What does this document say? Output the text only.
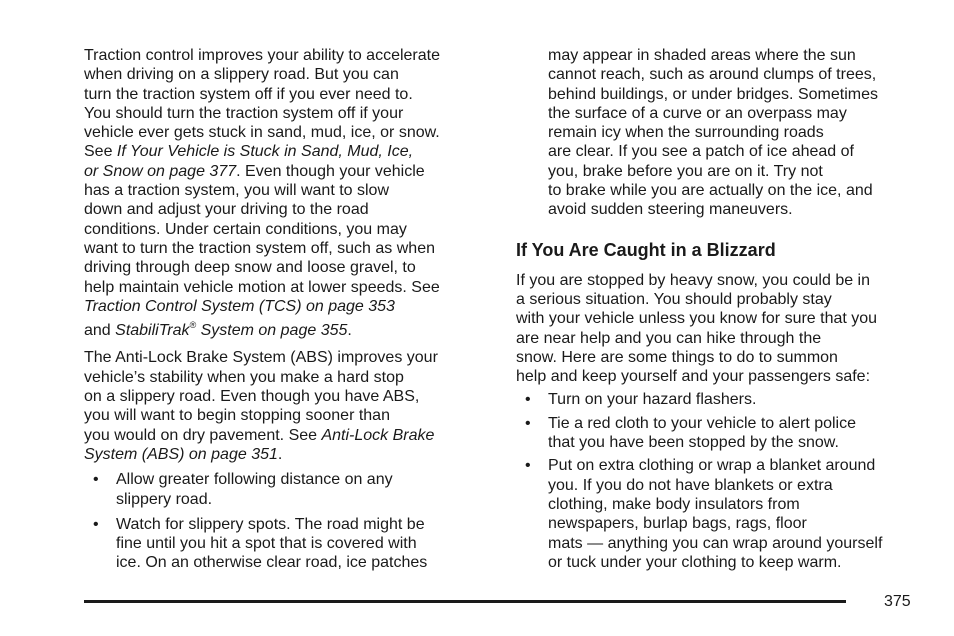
Traction control improves your ability to accelerate
when driving on a slippery road. But you can
turn the traction system off if you ever need to.
You should turn the traction system off if your
vehicle ever gets stuck in sand, mud, ice, or snow.
See If Your Vehicle is Stuck in Sand, Mud, Ice,
or Snow on page 377. Even though your vehicle
has a traction system, you will want to slow
down and adjust your driving to the road
conditions. Under certain conditions, you may
want to turn the traction system off, such as when
driving through deep snow and loose gravel, to
help maintain vehicle motion at lower speeds. See
Traction Control System (TCS) on page 353
and StabiliTrak® System on page 355.

The Anti-Lock Brake System (ABS) improves your
vehicle’s stability when you make a hard stop
on a slippery road. Even though you have ABS,
you will want to begin stopping sooner than
you would on dry pavement. See Anti-Lock Brake
System (ABS) on page 351.

• Allow greater following distance on any
slippery road.
• Watch for slippery spots. The road might be
fine until you hit a spot that is covered with
ice. On an otherwise clear road, ice patches

may appear in shaded areas where the sun
cannot reach, such as around clumps of trees,
behind buildings, or under bridges. Sometimes
the surface of a curve or an overpass may
remain icy when the surrounding roads
are clear. If you see a patch of ice ahead of
you, brake before you are on it. Try not
to brake while you are actually on the ice, and
avoid sudden steering maneuvers.

If You Are Caught in a Blizzard

If you are stopped by heavy snow, you could be in
a serious situation. You should probably stay
with your vehicle unless you know for sure that you
are near help and you can hike through the
snow. Here are some things to do to summon
help and keep yourself and your passengers safe:

• Turn on your hazard flashers.
• Tie a red cloth to your vehicle to alert police
that you have been stopped by the snow.
• Put on extra clothing or wrap a blanket around
you. If you do not have blankets or extra
clothing, make body insulators from
newspapers, burlap bags, rags, floor
mats — anything you can wrap around yourself
or tuck under your clothing to keep warm.
375
